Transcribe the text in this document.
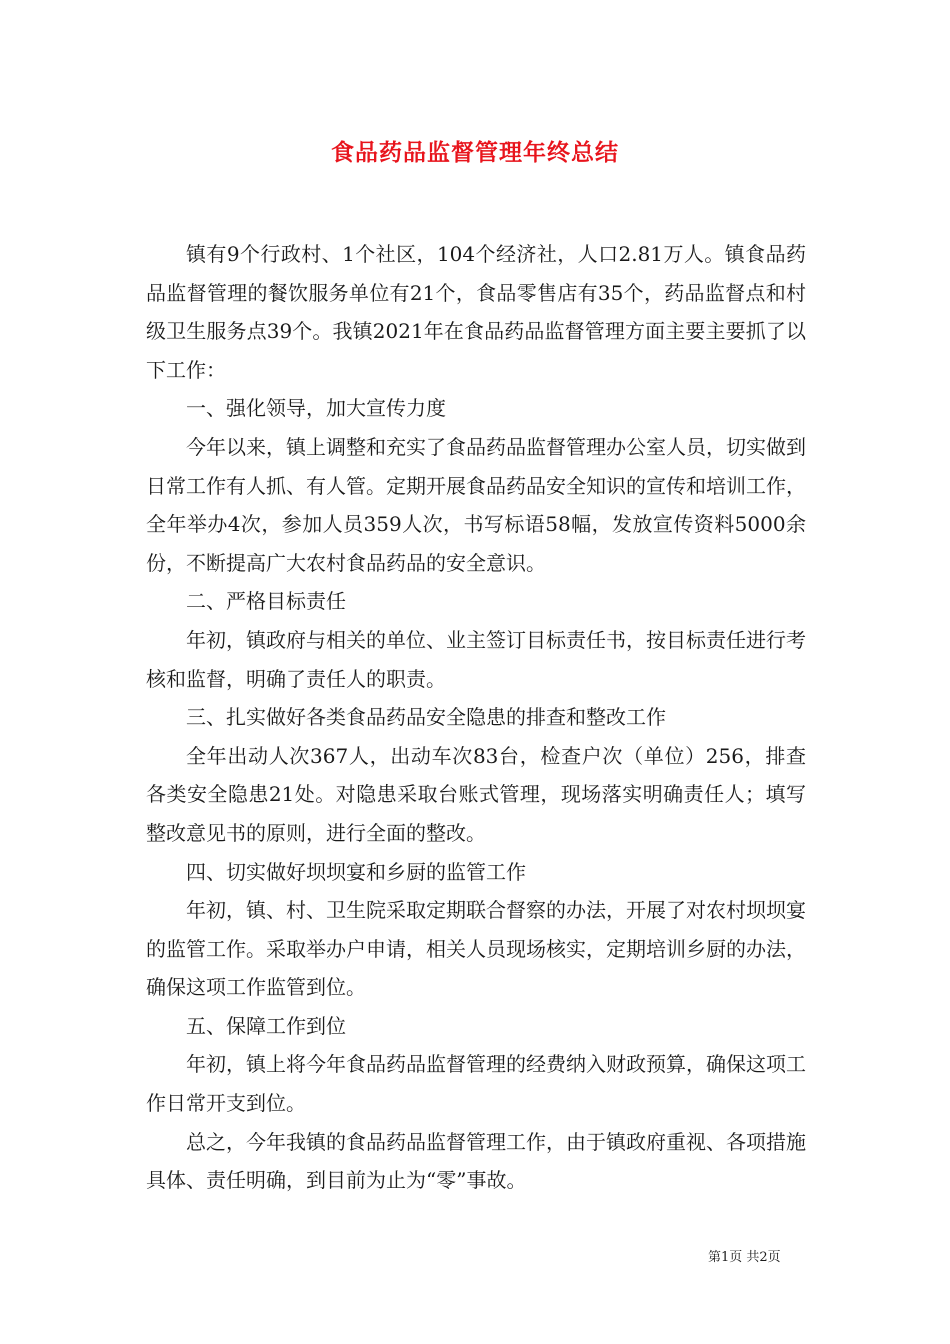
食品药品监督管理年终总结

镇有9个行政村、1个社区，104个经济社，人口2.81万人。镇食品药品监督管理的餐饮服务单位有21个，食品零售店有35个，药品监督点和村级卫生服务点39个。我镇2021年在食品药品监督管理方面主要主要抓了以下工作：

一、强化领导，加大宣传力度

今年以来，镇上调整和充实了食品药品监督管理办公室人员，切实做到日常工作有人抓、有人管。定期开展食品药品安全知识的宣传和培训工作，全年举办4次，参加人员359人次，书写标语58幅，发放宣传资料5000余份，不断提高广大农村食品药品的安全意识。

二、严格目标责任

年初，镇政府与相关的单位、业主签订目标责任书，按目标责任进行考核和监督，明确了责任人的职责。

三、扎实做好各类食品药品安全隐患的排查和整改工作

全年出动人次367人，出动车次83台，检查户次（单位）256，排查各类安全隐患21处。对隐患采取台账式管理，现场落实明确责任人；填写整改意见书的原则，进行全面的整改。

四、切实做好坝坝宴和乡厨的监管工作

年初，镇、村、卫生院采取定期联合督察的办法，开展了对农村坝坝宴的监管工作。采取举办户申请，相关人员现场核实，定期培训乡厨的办法，确保这项工作监管到位。

五、保障工作到位

年初，镇上将今年食品药品监督管理的经费纳入财政预算，确保这项工作日常开支到位。

总之，今年我镇的食品药品监督管理工作，由于镇政府重视、各项措施具体、责任明确，到目前为止为“零”事故。

第1页 共2页
